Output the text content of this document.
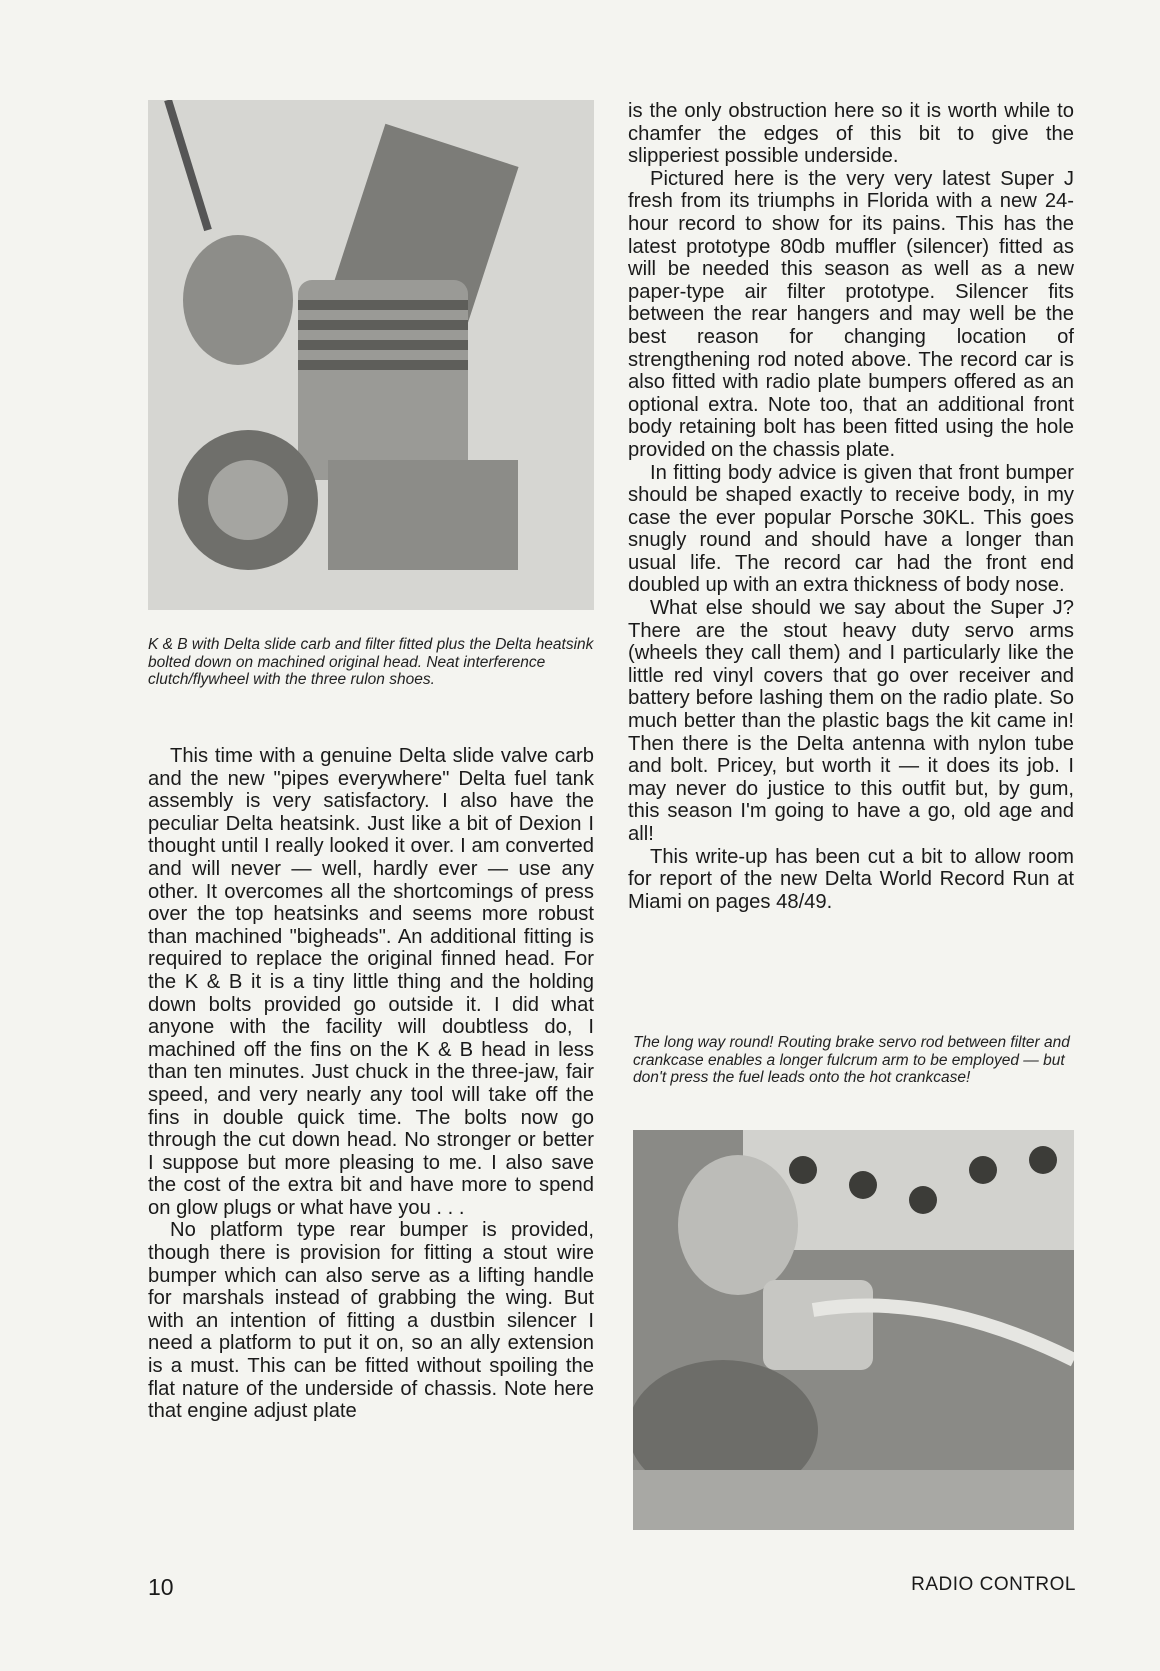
K & B with Delta slide carb and filter fitted plus the Delta heatsink bolted down on machined original head. Neat interference clutch/flywheel with the three rulon shoes.

This time with a genuine Delta slide valve carb and the new "pipes everywhere" Delta fuel tank assembly is very satisfactory. I also have the peculiar Delta heatsink. Just like a bit of Dexion I thought until I really looked it over. I am converted and will never — well, hardly ever — use any other. It overcomes all the shortcomings of press over the top heatsinks and seems more robust than machined "bigheads". An additional fitting is required to replace the original finned head. For the K & B it is a tiny little thing and the holding down bolts provided go outside it. I did what anyone with the facility will doubtless do, I machined off the fins on the K & B head in less than ten minutes. Just chuck in the three-jaw, fair speed, and very nearly any tool will take off the fins in double quick time. The bolts now go through the cut down head. No stronger or better I suppose but more pleasing to me. I also save the cost of the extra bit and have more to spend on glow plugs or what have you . . .

No platform type rear bumper is provided, though there is provision for fitting a stout wire bumper which can also serve as a lifting handle for marshals instead of grabbing the wing. But with an intention of fitting a dustbin silencer I need a platform to put it on, so an ally extension is a must. This can be fitted without spoiling the flat nature of the underside of chassis. Note here that engine adjust plate

is the only obstruction here so it is worth while to chamfer the edges of this bit to give the slipperiest possible underside.

Pictured here is the very very latest Super J fresh from its triumphs in Florida with a new 24-hour record to show for its pains. This has the latest prototype 80db muffler (silencer) fitted as will be needed this season as well as a new paper-type air filter prototype. Silencer fits between the rear hangers and may well be the best reason for changing location of strengthening rod noted above. The record car is also fitted with radio plate bumpers offered as an optional extra. Note too, that an additional front body retaining bolt has been fitted using the hole provided on the chassis plate.

In fitting body advice is given that front bumper should be shaped exactly to receive body, in my case the ever popular Porsche 30KL. This goes snugly round and should have a longer than usual life. The record car had the front end doubled up with an extra thickness of body nose.

What else should we say about the Super J? There are the stout heavy duty servo arms (wheels they call them) and I particularly like the little red vinyl covers that go over receiver and battery before lashing them on the radio plate. So much better than the plastic bags the kit came in! Then there is the Delta antenna with nylon tube and bolt. Pricey, but worth it — it does its job. I may never do justice to this outfit but, by gum, this season I'm going to have a go, old age and all!

This write-up has been cut a bit to allow room for report of the new Delta World Record Run at Miami on pages 48/49.

The long way round! Routing brake servo rod between filter and crankcase enables a longer fulcrum arm to be employed — but don't press the fuel leads onto the hot crankcase!
10	RADIO CONTROL
